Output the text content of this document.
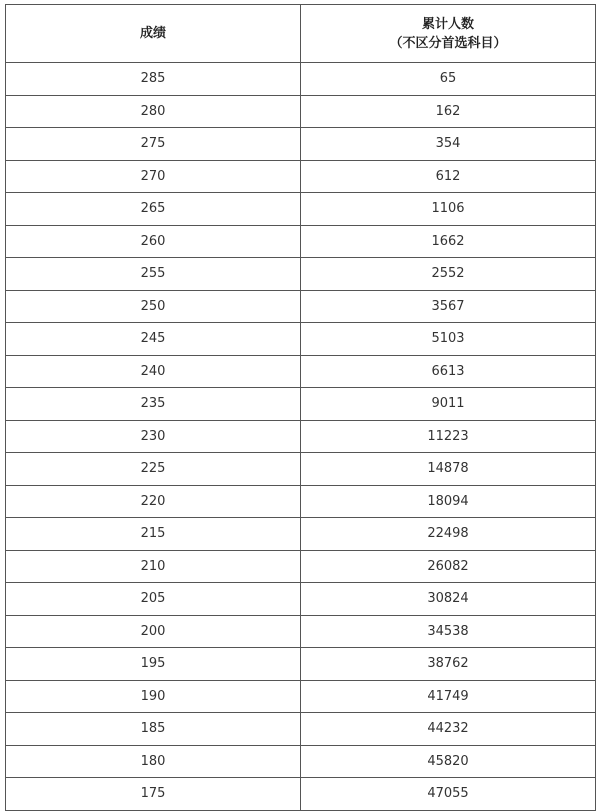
成绩	累计人数
（不区分首选科目）

285	65
280	162
275	354
270	612
265	1106
260	1662
255	2552
250	3567
245	5103
240	6613
235	9011
230	11223
225	14878
220	18094
215	22498
210	26082
205	30824
200	34538
195	38762
190	41749
185	44232
180	45820
175	47055
